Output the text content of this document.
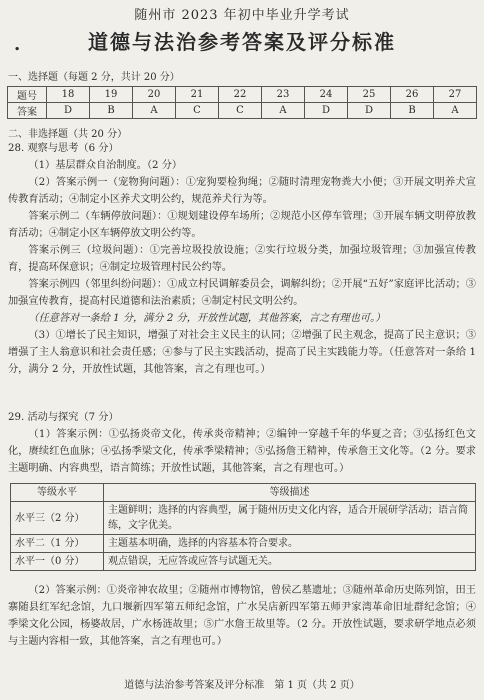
随州市 2023 年初中毕业升学考试
.	道德与法治参考答案及评分标准
一、选择题（每题 2 分，共计 20 分）
题号	18	19	20	21	22	23	24	25	26	27
答案	D	B	A	C	C	A	D	D	B	A
二、非选择题（共 20 分）

28. 观察与思考（6 分）

（1）基层群众自治制度。（2 分）

（2）答案示例一（宠物狗问题）：①宠狗要检狗绳；②随时清理宠物粪大小便；③开展文明养犬宣传教育活动；④制定小区养犬文明公约，规范养犬行为等。

答案示例二（车辆停放问题）：①规划建设停车场所；②规范小区停车管理；③开展车辆文明停放教育活动；④制定小区车辆停放文明公约等。

答案示例三（垃圾问题）：①完善垃圾投放设施；②实行垃圾分类，加强垃圾管理；③加强宣传教育，提高环保意识；④制定垃圾管理村民公约等。

答案示例四（邻里纠纷问题）：①成立村民调解委员会，调解纠纷；②开展“五好”家庭评比活动；③加强宣传教育，提高村民道德和法治素质；④制定村民文明公约。

（任意答对一条给 1 分，满分 2 分，开放性试题，其他答案，言之有理也可。）

（3）①增长了民主知识，增强了对社会主义民主的认同；②增强了民主观念，提高了民主意识；③增强了主人翁意识和社会责任感；④参与了民主实践活动，提高了民主实践能力等。（任意答对一条给 1 分，满分 2 分，开放性试题，其他答案，言之有理也可。）

29. 活动与探究（7 分）

（1）答案示例：①弘扬炎帝文化，传承炎帝精神；②编钟一穿越千年的华夏之音；③弘扬红色文化，赓续红色血脉；④弘扬季梁文化，传承季梁精神；⑤弘扬詹王精神，传承詹王文化等。（2 分。要求主题明确、内容典型，语言简练；开放性试题，其他答案，言之有理也可。）

等级水平	等级描述
水平三（2 分）	主题鲜明；选择的内容典型，属于随州历史文化内容，适合开展研学活动；语言简练，文字优美。
水平二（1 分）	主题基本明确，选择的内容基本符合要求。
水平一（0 分）	观点错误，无应答或应答与试题无关。

（2）答案示例：①炎帝神农故里；②随州市博物馆，曾侯乙墓遗址；③随州革命历史陈列馆，田王寨随县红军纪念馆，九口堰新四军第五师纪念馆，广水吴店新四军第五师尹家湾革命旧址群纪念馆；④季梁文化公园，杨婆故居，广水杨涟故里；⑤广水詹王故里等。（2 分。开放性试题，要求研学地点必须与主题内容相一致，其他答案，言之有理也可。）

道德与法治参考答案及评分标准　第 1 页（共 2 页）
